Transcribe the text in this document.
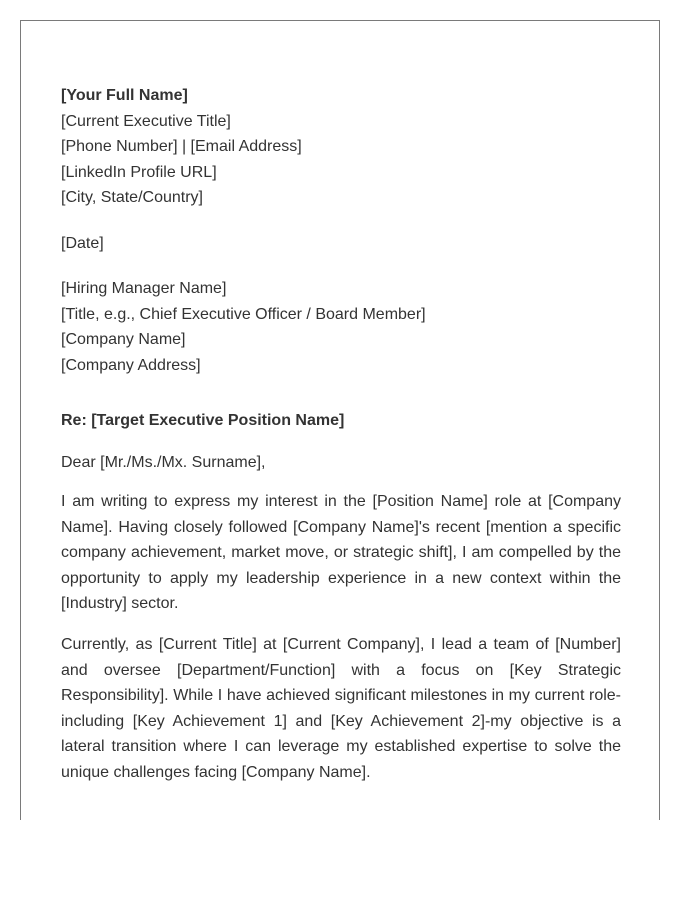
[Your Full Name]
[Current Executive Title]
[Phone Number] | [Email Address]
[LinkedIn Profile URL]
[City, State/Country]
[Date]
[Hiring Manager Name]
[Title, e.g., Chief Executive Officer / Board Member]
[Company Name]
[Company Address]
Re: [Target Executive Position Name]
Dear [Mr./Ms./Mx. Surname],

I am writing to express my interest in the [Position Name] role at [Company Name]. Having closely followed [Company Name]'s recent [mention a specific company achievement, market move, or strategic shift], I am compelled by the opportunity to apply my leadership experience in a new context within the [Industry] sector.

Currently, as [Current Title] at [Current Company], I lead a team of [Number] and oversee [Department/Function] with a focus on [Key Strategic Responsibility]. While I have achieved significant milestones in my current role-including [Key Achievement 1] and [Key Achievement 2]-my objective is a lateral transition where I can leverage my established expertise to solve the unique challenges facing [Company Name].
